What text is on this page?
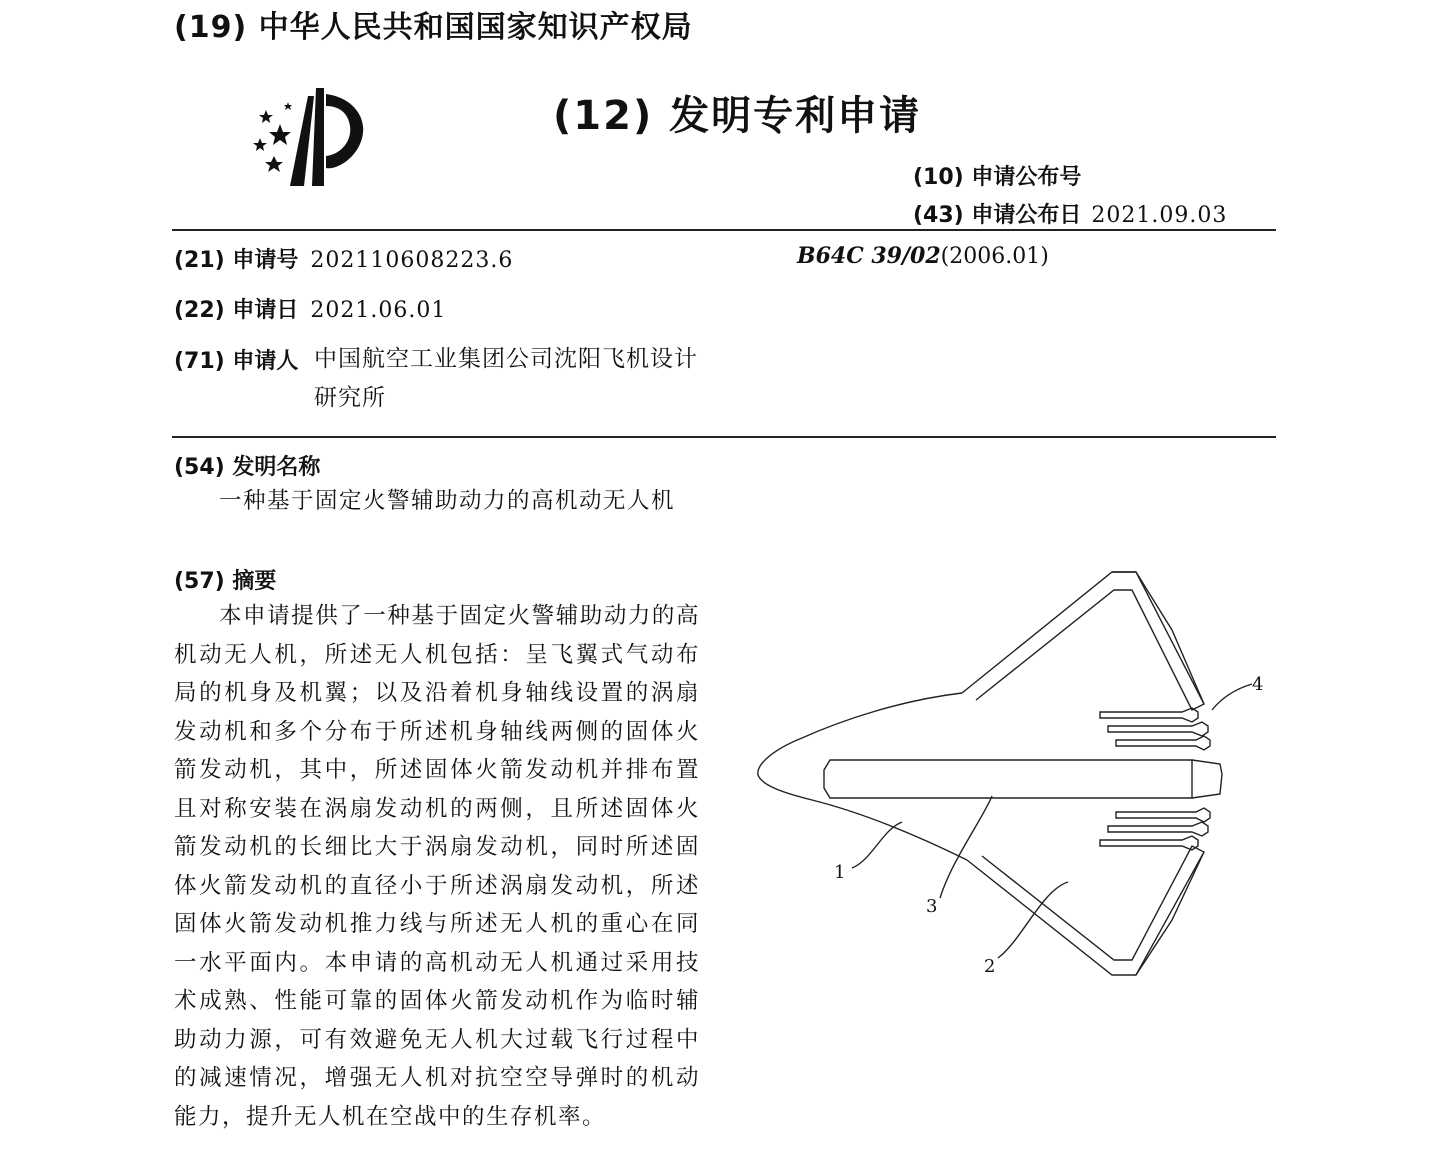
(19) 中华人民共和国国家知识产权局
(12) 发明专利申请
(10) 申请公布号
(43) 申请公布日 2021.09.03
(21) 申请号 202110608223.6	B64C 39/02(2006.01)
(22) 申请日 2021.06.01
(71) 申请人 中国航空工业集团公司沈阳飞机设计研究所
(54) 发明名称

一种基于固定火警辅助动力的高机动无人机

(57) 摘要

本申请提供了一种基于固定火警辅助动力的高机动无人机，所述无人机包括：呈飞翼式气动布局的机身及机翼；以及沿着机身轴线设置的涡扇发动机和多个分布于所述机身轴线两侧的固体火箭发动机，其中，所述固体火箭发动机并排布置且对称安装在涡扇发动机的两侧，且所述固体火箭发动机的长细比大于涡扇发动机，同时所述固体火箭发动机的直径小于所述涡扇发动机，所述固体火箭发动机推力线与所述无人机的重心在同一水平面内。本申请的高机动无人机通过采用技术成熟、性能可靠的固体火箭发动机作为临时辅助动力源，可有效避免无人机大过载飞行过程中的减速情况，增强无人机对抗空空导弹时的机动能力，提升无人机在空战中的生存机率。

1
2
3
4
